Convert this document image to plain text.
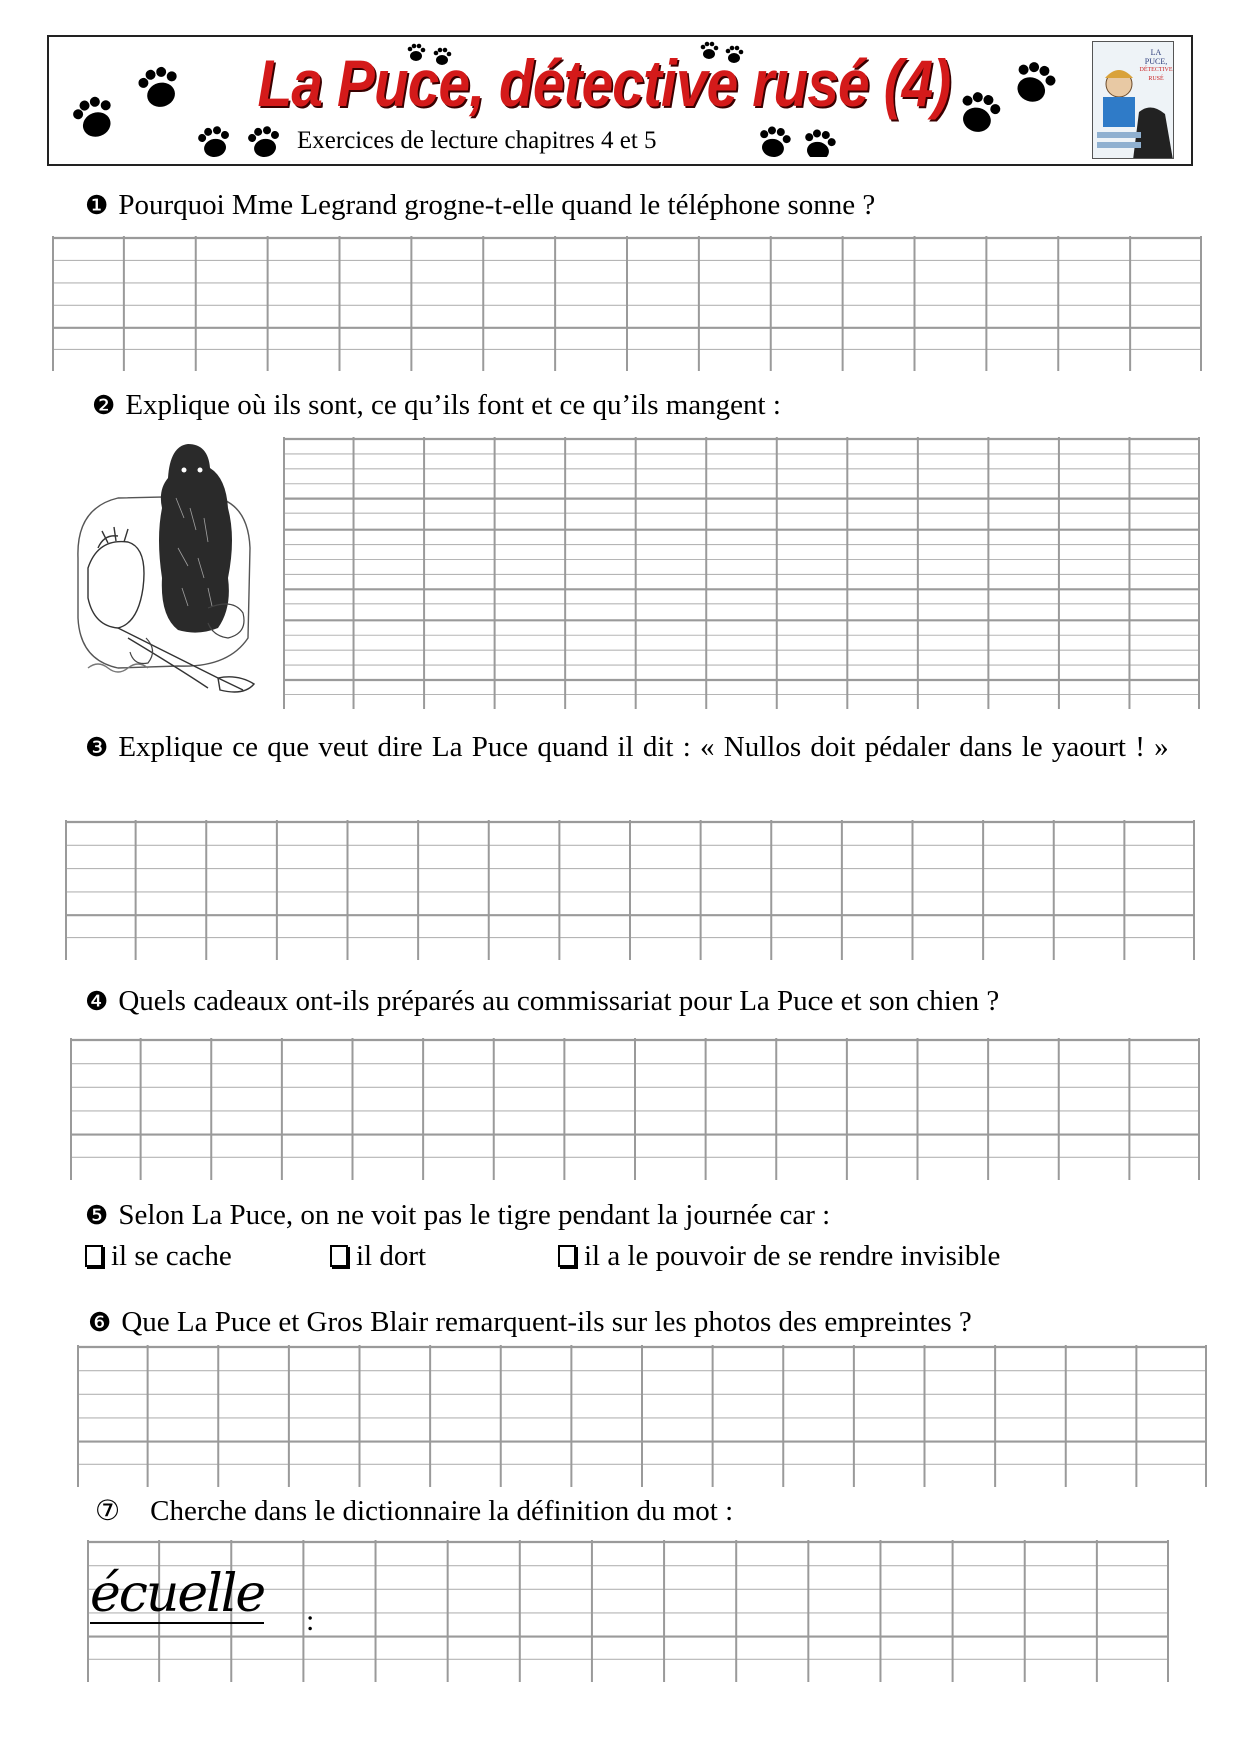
La Puce, détective rusé (4)
Exercices de lecture chapitres 4 et 5
LA
PUCE,
DÉTECTIVE
RUSÉ
❶ Pourquoi Mme Legrand grogne-t-elle quand le téléphone sonne ?
❷ Explique où ils sont, ce qu’ils font et ce qu’ils mangent :
❸ Explique ce que veut dire La Puce quand il dit : « Nullos doit pédaler dans le yaourt ! »
❹ Quels cadeaux ont-ils préparés au commissariat pour La Puce et son chien ?
❺ Selon La Puce, on ne voit pas le tigre pendant la journée car :
il se cache	il dort	il a le pouvoir de se rendre invisible
❻ Que La Puce et Gros Blair remarquent-ils sur les photos des empreintes ?
⑦ Cherche dans le dictionnaire la définition du mot :
écuelle :
